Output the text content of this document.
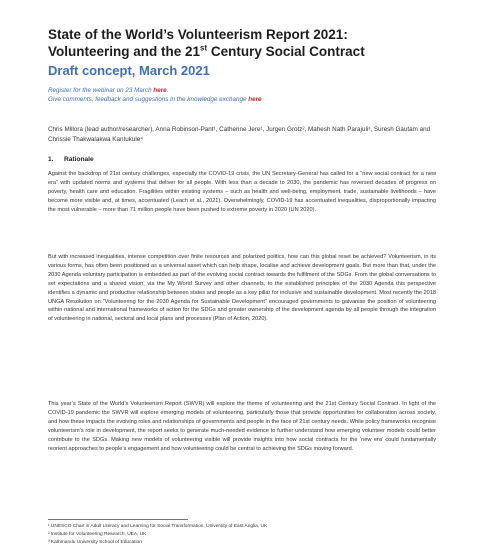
State of the World’s Volunteerism Report 2021:
Volunteering and the 21st Century Social Contract
Draft concept, March 2021
Register for the webinar on 23 March here.
Give comments, feedback and suggestions in the knowledge exchange here
Chris Millora (lead author/researcher), Anna Robinson-Pant¹, Catherine Jere¹, Jurgen Grotz², Mahesh Nath Parajuli³, Suresh Gautam and Chrissie Thakwalakwa Kantukule⁴
1. Rationale
Against the backdrop of 21st century challenges, especially the COVID-19 crisis, the UN Secretary-General has called for a “new social contract for a new era” with updated norms and systems that deliver for all people. With less than a decade to 2030, the pandemic has reversed decades of progress on poverty, health care and education. Fragilities within existing systems – such as health and well-being, employment, trade, sustainable livelihoods – have become more visible and, at times, accentuated (Leach et al., 2021). Overwhelmingly, COVID-19 has accentuated inequalities, disproportionally impacting the most vulnerable – more than 71 million people have been pushed to extreme poverty in 2020 (UN 2020).
But with increased inequalities, intense competition over finite resources and polarized politics, how can this global reset be achieved? Volunteerism, in its various forms, has often been positioned as a universal asset which can help shape, localise and achieve development goals. But more than that, under the 2030 Agenda voluntary participation is embedded as part of the evolving social contract towards the fulfilment of the SDGs. From the global conversations to set expectations and a shared vision, via the My World Survey and other channels, to the established principles of the 2030 Agenda this perspective identifies a dynamic and productive relationship between states and people as a key pillar for inclusive and sustainable development. Most recently the 2018 UNGA Resolution on “Volunteering for the 2030 Agenda for Sustainable Development” encouraged governments to galvanise the position of volunteering within national and international frameworks of action for the SDGs and greater ownership of the development agenda by all people through the integration of volunteering in national, sectoral and local plans and processes (Plan of Action, 2020).
This year’s State of the World’s Volunteerism Report (SWVR) will explore the theme of volunteering and the 21st Century Social Contract. In light of the COVID-19 pandemic the SWVR will explore emerging models of volunteering, particularly those that provide opportunities for collaboration across society, and how these impacts the evolving roles and relationships of governments and people in the face of 21st century needs. While policy frameworks recognise volunteerism’s role in development, the report seeks to generate much-needed evidence to further understand how emerging volunteer models could better contribute to the SDGs. Making new models of volunteering visible will provide insights into how social contracts for the ‘new era’ could fundamentally reorient approaches to people’s engagement and how volunteering could be central to achieving the SDGs moving forward.
¹ UNESCO Chair in Adult Literacy and Learning for Social Transformation, University of East Anglia, UK
² Institute for Volunteering Research, UEA, UK
³ Kathmandu University School of Education
